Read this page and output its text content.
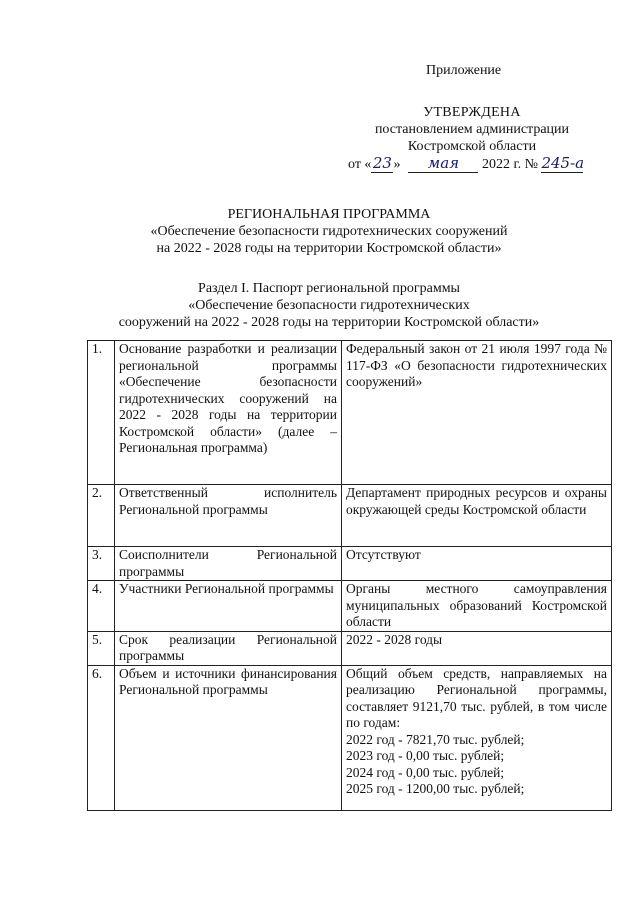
Приложение
УТВЕРЖДЕНА
постановлением администрации
Костромской области
от «23» мая 2022 г. № 245-а
РЕГИОНАЛЬНАЯ ПРОГРАММА
«Обеспечение безопасности гидротехнических сооружений
на 2022 - 2028 годы на территории Костромской области»
Раздел I. Паспорт региональной программы
«Обеспечение безопасности гидротехнических
сооружений на 2022 - 2028 годы на территории Костромской области»
1.	Основание разработки и реализации региональной программы «Обеспечение безопасности гидротехнических сооружений на 2022 - 2028 годы на территории Костромской области» (далее – Региональная программа)	Федеральный закон от 21 июля 1997 года № 117-ФЗ «О безопасности гидротехнических сооружений»
2.	Ответственный исполнитель Региональной программы	Департамент природных ресурсов и охраны окружающей среды Костромской области
3.	Соисполнители Региональной программы	Отсутствуют
4.	Участники Региональной программы	Органы местного самоуправления муниципальных образований Костромской области
5.	Срок реализации Региональной программы	2022 - 2028 годы
6.	Объем и источники финансирования Региональной программы	Общий объем средств, направляемых на реализацию Региональной программы, составляет 9121,70 тыс. рублей, в том числе по годам:
2022 год - 7821,70 тыс. рублей;
2023 год - 0,00 тыс. рублей;
2024 год - 0,00 тыс. рублей;
2025 год - 1200,00 тыс. рублей;
